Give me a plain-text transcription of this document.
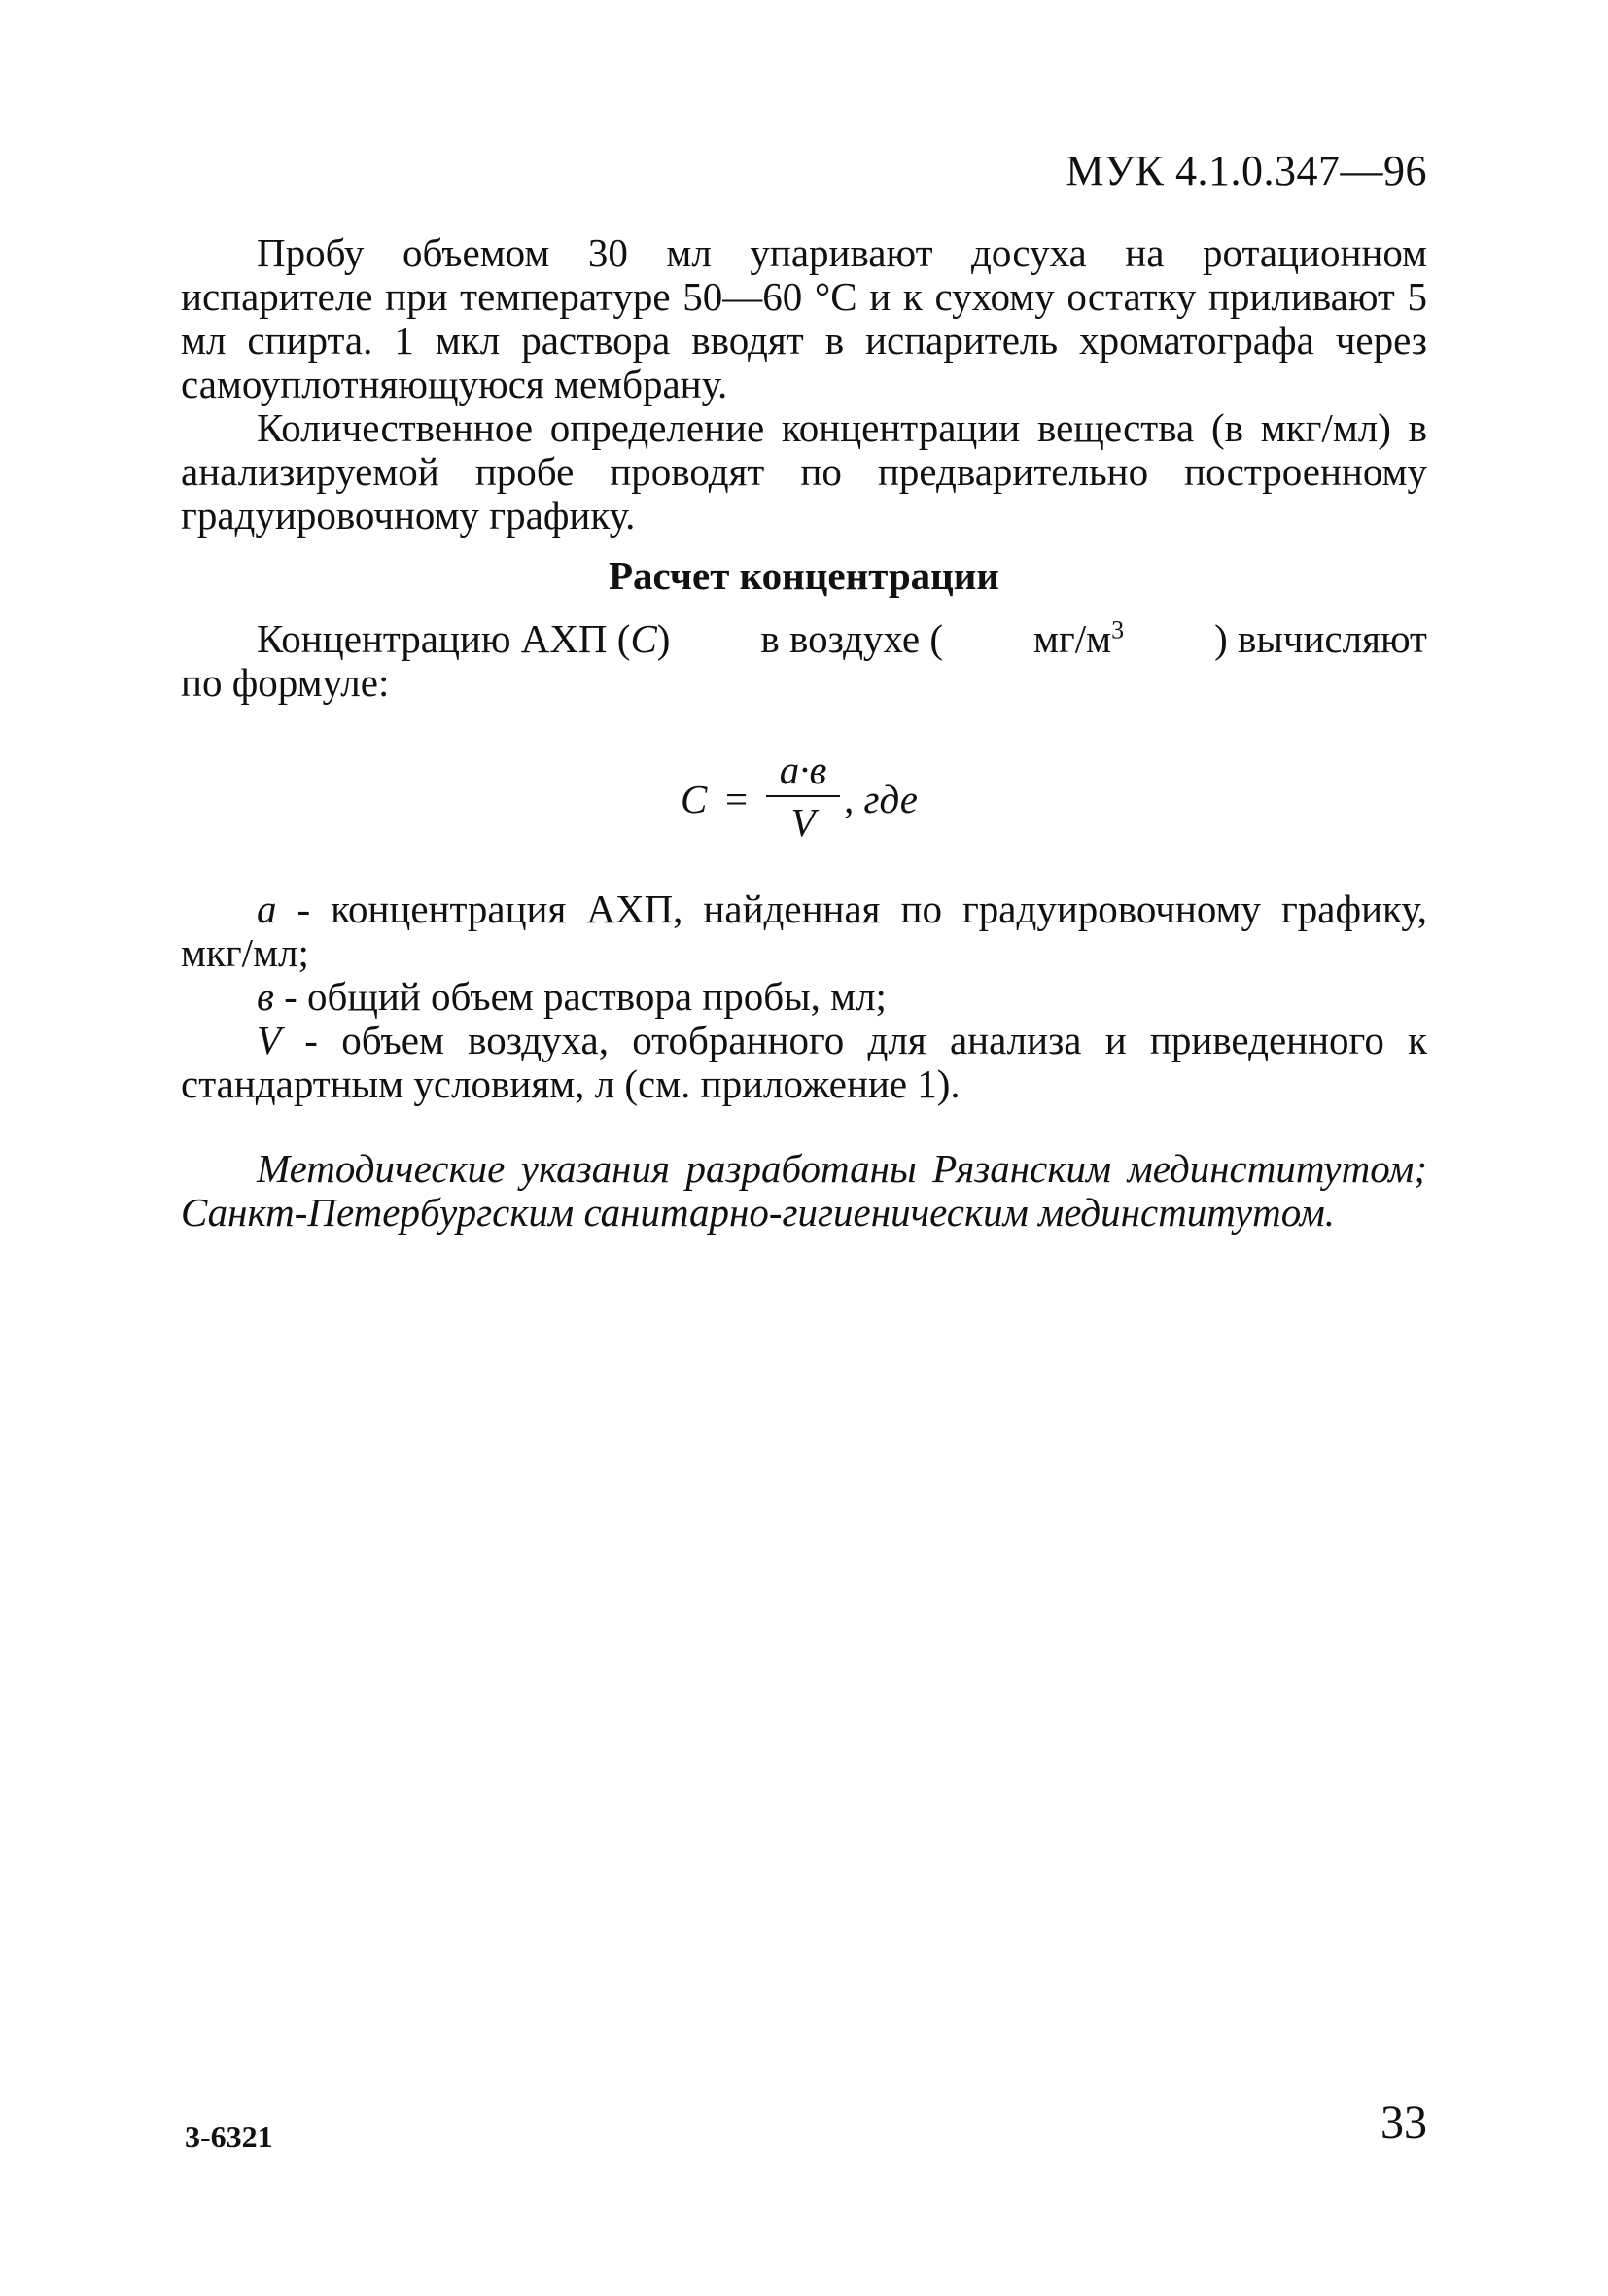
МУК 4.1.0.347—96

Пробу объемом 30 мл упаривают досуха на ротационном испарителе при температуре 50—60 °С и к сухому остатку приливают 5 мл спирта. 1 мкл раствора вводят в испаритель хроматографа через самоуплотняющуюся мембрану.

Количественное определение концентрации вещества (в мкг/мл) в анализируемой пробе проводят по предварительно построенному градуировочному графику.

Расчет концентрации
Концентрацию АХП (С) в воздухе ( $мг/м^3$ ) вычисляют
по формуле:
С =
а·в
V
, где

а - концентрация АХП, найденная по градуировочному графику, мкг/мл;

в - общий объем раствора пробы, мл;

V - объем воздуха, отобранного для анализа и приведенного к стандартным условиям, л (см. приложение 1).

Методические указания разработаны Рязанским мединститутом; Санкт-Петербургским санитарно-гигиеническим мединститутом.

3-6321	33
